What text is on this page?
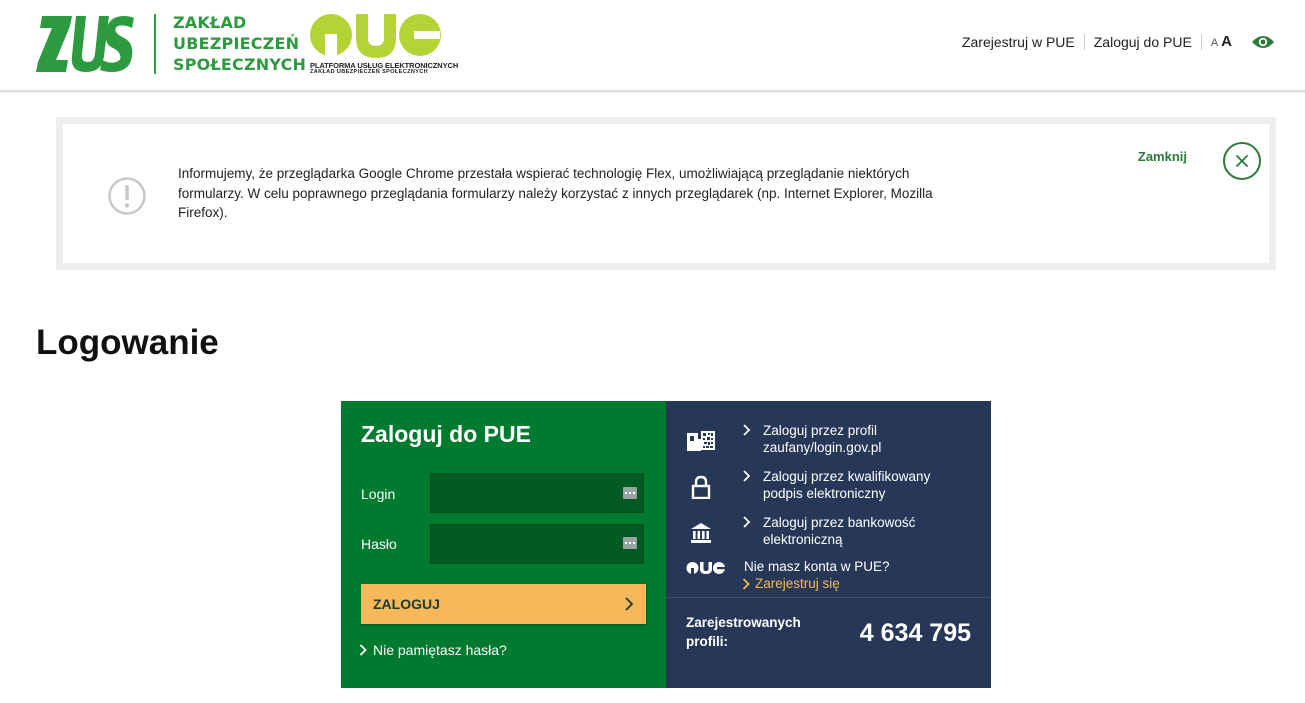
ZAKŁAD
UBEZPIECZEŃ
SPOŁECZNYCH PLATFORMA USŁUG ELEKTRONICZNYCH
ZAKŁAD UBEZPIECZEŃ SPOŁECZNYCH
Zarejestruj w PUE	Zaloguj do PUE	A A
Informujemy, że przeglądarka Google Chrome przestała wspierać technologię Flex, umożliwiającą przeglądanie niektórych formularzy. W celu poprawnego przeglądania formularzy należy korzystać z innych przeglądarek (np. Internet Explorer, Mozilla Firefox).
Zamknij
Logowanie
Zaloguj do PUE
Login
Hasło
ZALOGUJ
Nie pamiętasz hasła?
Zaloguj przez profil zaufany/login.gov.pl
Zaloguj przez kwalifikowany podpis elektroniczny
Zaloguj przez bankowość elektroniczną
Nie masz konta w PUE?
Zarejestruj się
Zarejestrowanych profili:	4 634 795
